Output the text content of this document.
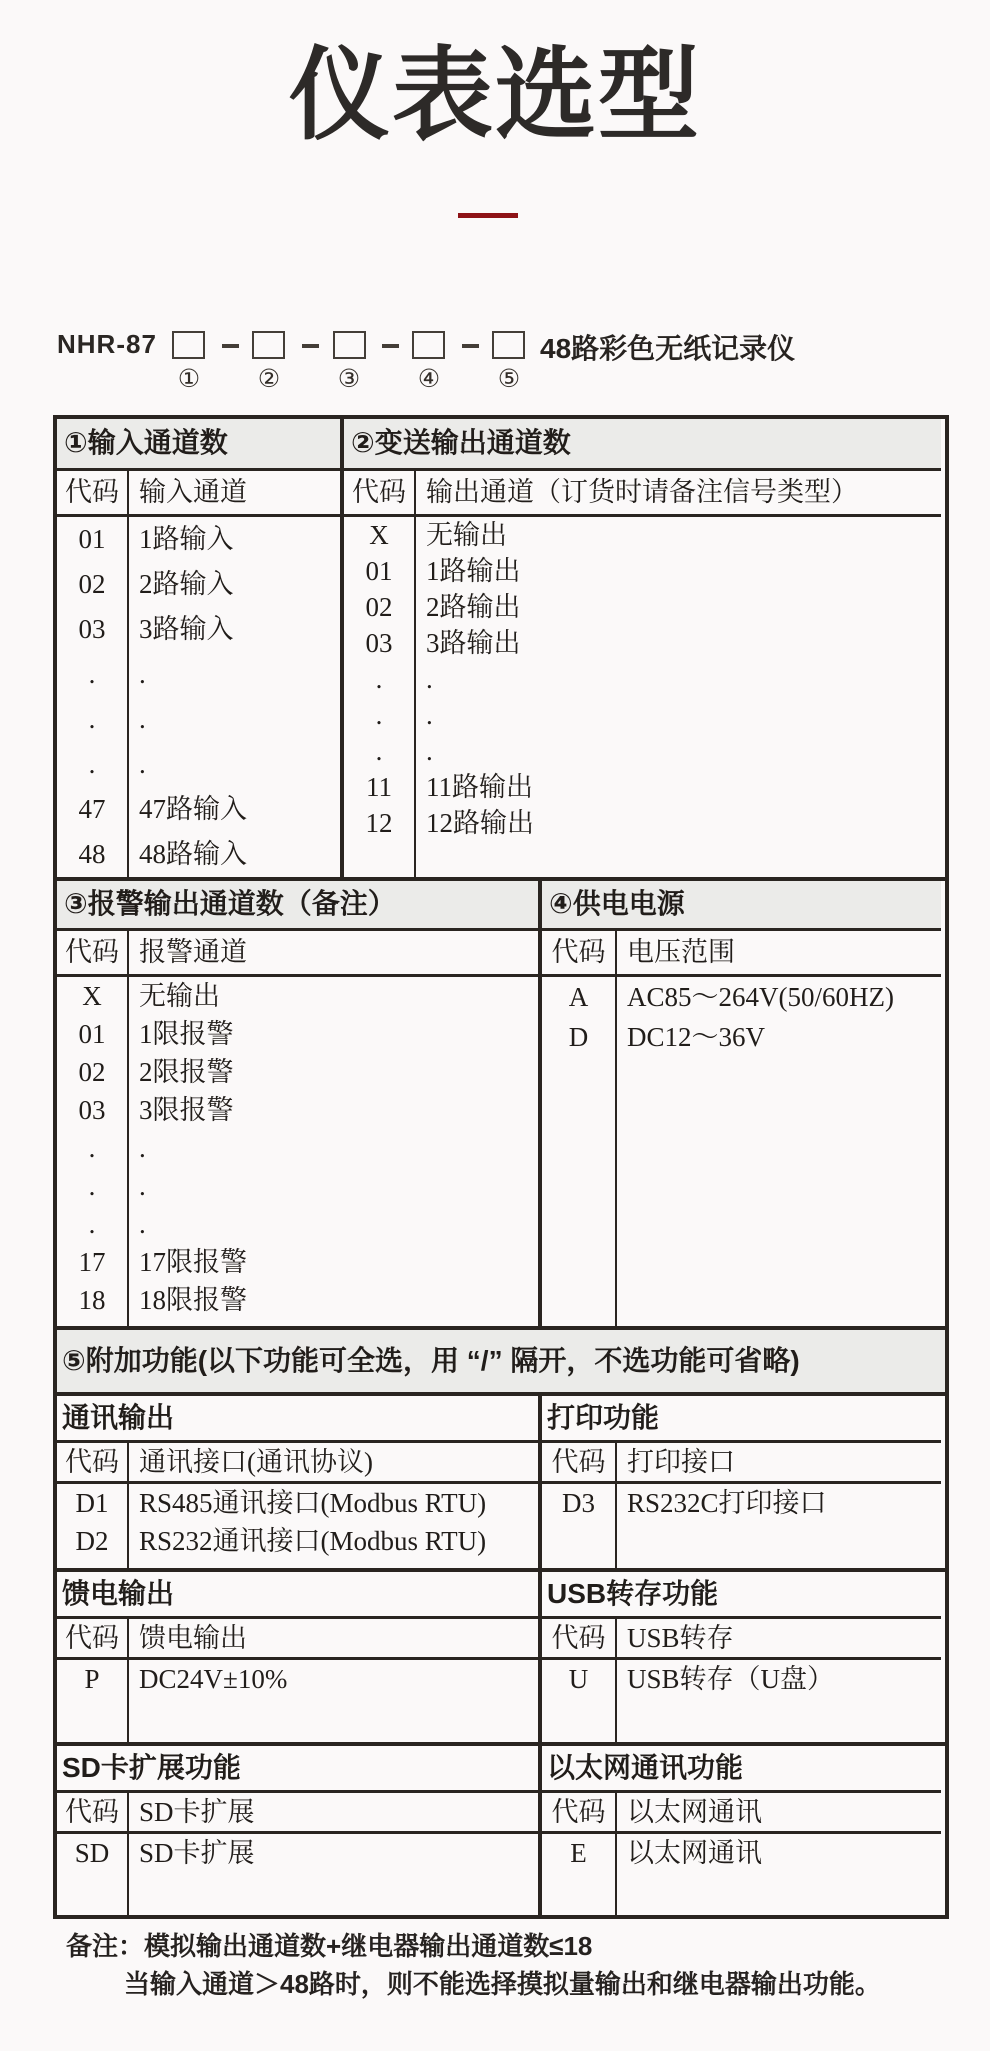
仪表选型
NHR-87	48路彩色无纸记录仪
① ② ③ ④ ⑤
①输入通道数
代码 输入通道
01	1路输入
02	2路输入
03	3路输入
.	.
.	.
.	.
47	47路输入
48	48路输入
②变送输出通道数
代码 输出通道（订货时请备注信号类型）
X	无输出
01	1路输出
02	2路输出
03	3路输出
.	.
.	.
.	.
11	11路输出
12	12路输出
③报警输出通道数（备注）
代码 报警通道
X	无输出
01	1限报警
02	2限报警
03	3限报警
.	.
.	.
.	.
17	17限报警
18	18限报警
④供电电源
代码 电压范围
A	AC85～264V(50/60HZ)
D	DC12～36V
⑤附加功能(以下功能可全选，用 “/” 隔开，不选功能可省略)
通讯输出
代码 通讯接口(通讯协议)
D1	RS485通讯接口(Modbus RTU)
D2	RS232通讯接口(Modbus RTU)
打印功能
代码 打印接口
D3	RS232C打印接口
馈电输出
代码 馈电输出
P	DC24V±10%
USB转存功能
代码 USB转存
U	USB转存（U盘）
SD卡扩展功能
代码 SD卡扩展
SD	SD卡扩展
以太网通讯功能
代码 以太网通讯
E	以太网通讯
备注：模拟输出通道数+继电器输出通道数≤18
当输入通道＞48路时，则不能选择摸拟量输出和继电器输出功能。
